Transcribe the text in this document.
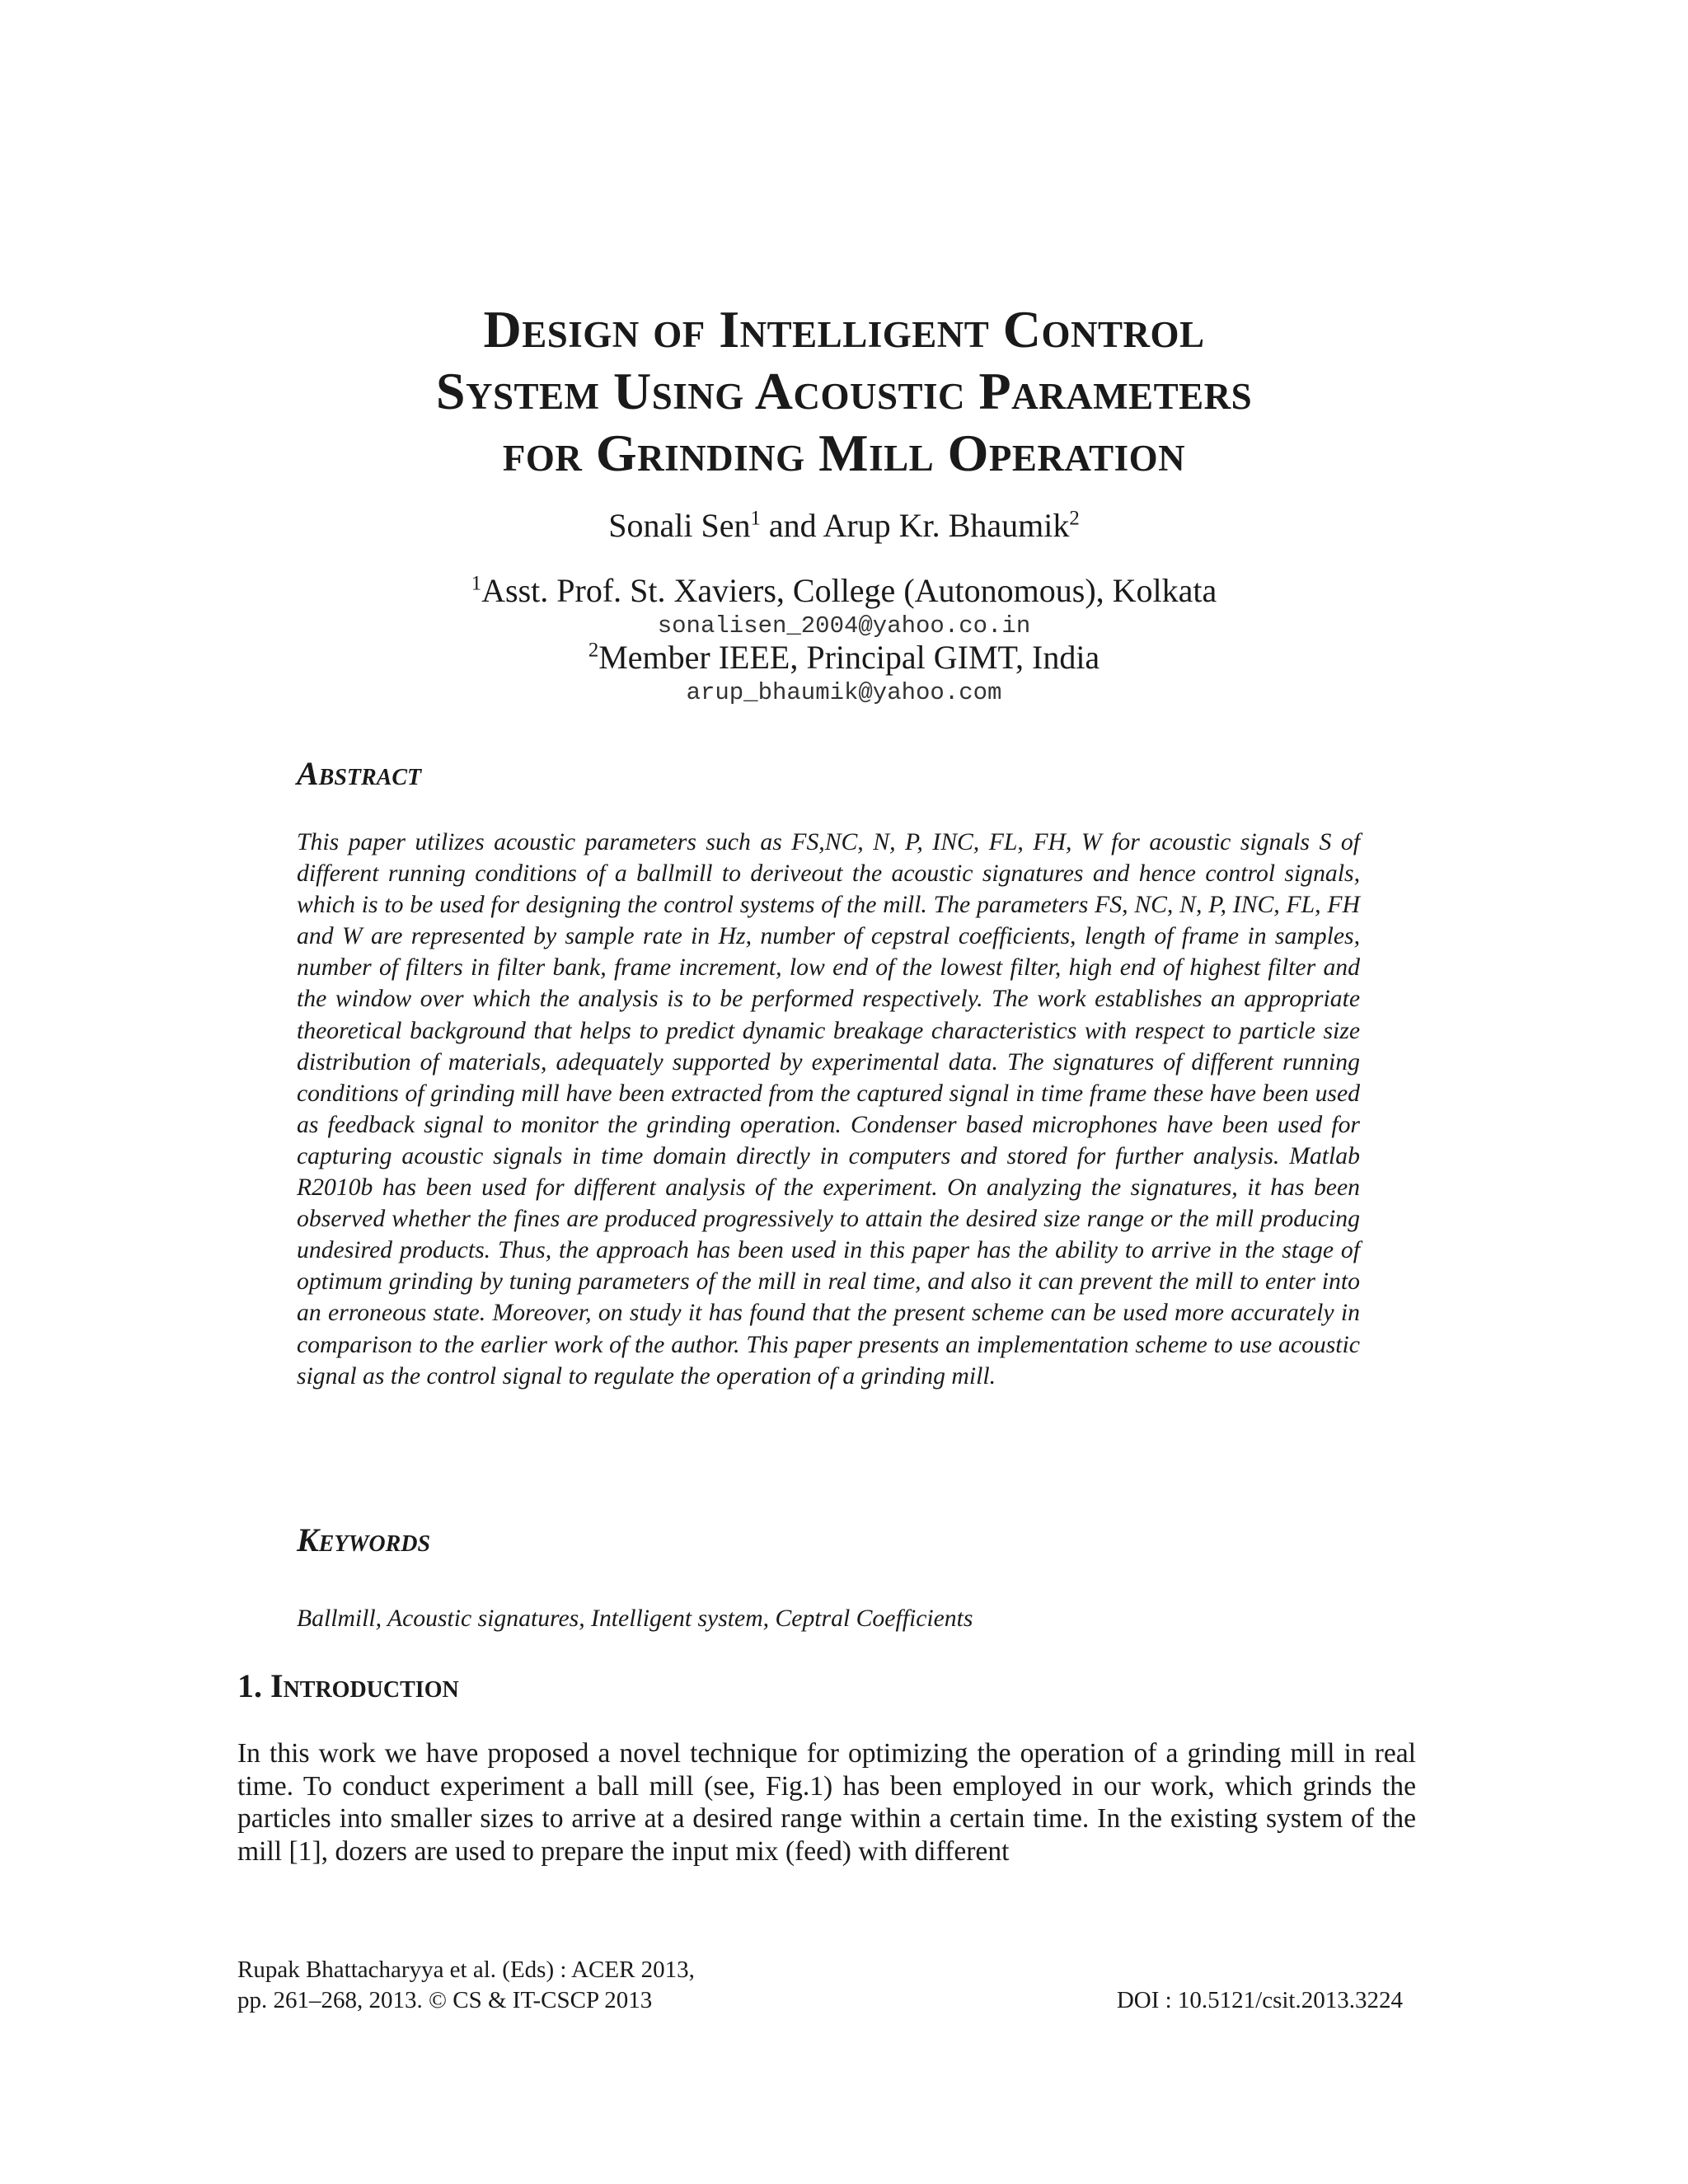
Design of Intelligent Control
System Using Acoustic Parameters
for Grinding Mill Operation
Sonali Sen$^1$ and Arup Kr. Bhaumik$^2$
$^1$Asst. Prof. St. Xaviers, College (Autonomous), Kolkata
sonalisen_2004@yahoo.co.in
$^2$Member IEEE, Principal GIMT, India
arup_bhaumik@yahoo.com
Abstract
This paper utilizes acoustic parameters such as FS,NC, N, P, INC, FL, FH, W for acoustic signals S of different running conditions of a ballmill to deriveout the acoustic signatures and hence control signals, which is to be used for designing the control systems of the mill. The parameters FS, NC, N, P, INC, FL, FH and W are represented by sample rate in Hz, number of cepstral coefficients, length of frame in samples, number of filters in filter bank, frame increment, low end of the lowest filter, high end of highest filter and the window over which the analysis is to be performed respectively. The work establishes an appropriate theoretical background that helps to predict dynamic breakage characteristics with respect to particle size distribution of materials, adequately supported by experimental data. The signatures of different running conditions of grinding mill have been extracted from the captured signal in time frame these have been used as feedback signal to monitor the grinding operation. Condenser based microphones have been used for capturing acoustic signals in time domain directly in computers and stored for further analysis. Matlab R2010b has been used for different analysis of the experiment. On analyzing the signatures, it has been observed whether the fines are produced progressively to attain the desired size range or the mill producing undesired products. Thus, the approach has been used in this paper has the ability to arrive in the stage of optimum grinding by tuning parameters of the mill in real time, and also it can prevent the mill to enter into an erroneous state. Moreover, on study it has found that the present scheme can be used more accurately in comparison to the earlier work of the author. This paper presents an implementation scheme to use acoustic signal as the control signal to regulate the operation of a grinding mill.
Keywords
Ballmill, Acoustic signatures, Intelligent system, Ceptral Coefficients
1. Introduction
In this work we have proposed a novel technique for optimizing the operation of a grinding mill in real time. To conduct experiment a ball mill (see, Fig.1) has been employed in our work, which grinds the particles into smaller sizes to arrive at a desired range within a certain time. In the existing system of the mill [1], dozers are used to prepare the input mix (feed) with different
Rupak Bhattacharyya et al. (Eds) : ACER 2013,
pp. 261–268, 2013. © CS & IT-CSCP 2013	DOI : 10.5121/csit.2013.3224
